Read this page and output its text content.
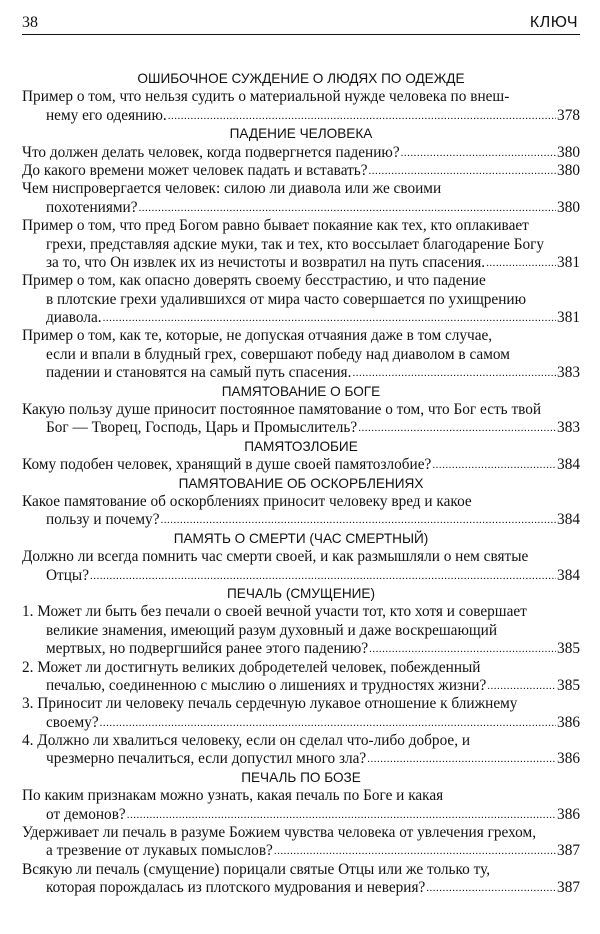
38	КЛЮЧ
ОШИБОЧНОЕ СУЖДЕНИЕ О ЛЮДЯХ ПО ОДЕЖДЕ
Пример о том, что нельзя судить о материальной нужде человека по внеш-
нему его одеянию. .....	378
ПАДЕНИЕ ЧЕЛОВЕКА
Что должен делать человек, когда подвергнется падению? .....	380
До какого времени может человек падать и вставать? .....	380
Чем ниспровергается человек: силою ли диавола или же своими
похотениями? .....	380
Пример о том, что пред Богом равно бывает покаяние как тех, кто оплакивает
грехи, представляя адские муки, так и тех, кто воссылает благодарение Богу
за то, что Он извлек их из нечистоты и возвратил на путь спасения. .....	381
Пример о том, как опасно доверять своему бесстрастию, и что падение
в плотские грехи удалившихся от мира часто совершается по ухищрению
диавола. .....	381
Пример о том, как те, которые, не допуская отчаяния даже в том случае,
если и впали в блудный грех, совершают победу над диаволом в самом
падении и становятся на самый путь спасения. .....	383
ПАМЯТОВАНИЕ О БОГЕ
Какую пользу душе приносит постоянное памятование о том, что Бог есть твой
Бог — Творец, Господь, Царь и Промыслитель? .....	383
ПАМЯТОЗЛОБИЕ
Кому подобен человек, хранящий в душе своей памятозлобие? .....	384
ПАМЯТОВАНИЕ ОБ ОСКОРБЛЕНИЯХ
Какое памятование об оскорблениях приносит человеку вред и какое
пользу и почему? .....	384
ПАМЯТЬ О СМЕРТИ (ЧАС СМЕРТНЫЙ)
Должно ли всегда помнить час смерти своей, и как размышляли о нем святые
Отцы? .....	384
ПЕЧАЛЬ (СМУЩЕНИЕ)
1. Может ли быть без печали о своей вечной участи тот, кто хотя и совершает
великие знамения, имеющий разум духовный и даже воскрешающий
мертвых, но подвергшийся ранее этого падению? .....	385
2. Может ли достигнуть великих добродетелей человек, побежденный
печалью, соединенною с мыслию о лишениях и трудностях жизни? .....	385
3. Приносит ли человеку печаль сердечную лукавое отношение к ближнему
своему? .....	386
4. Должно ли хвалиться человеку, если он сделал что-либо доброе, и
чрезмерно печалиться, если допустил много зла? .....	386
ПЕЧАЛЬ ПО БОЗЕ
По каким признакам можно узнать, какая печаль по Боге и какая
от демонов? .....	386
Удерживает ли печаль в разуме Божием чувства человека от увлечения грехом,
а трезвение от лукавых помыслов? .....	387
Всякую ли печаль (смущение) порицали святые Отцы или же только ту,
которая порождалась из плотского мудрования и неверия? .....	387
